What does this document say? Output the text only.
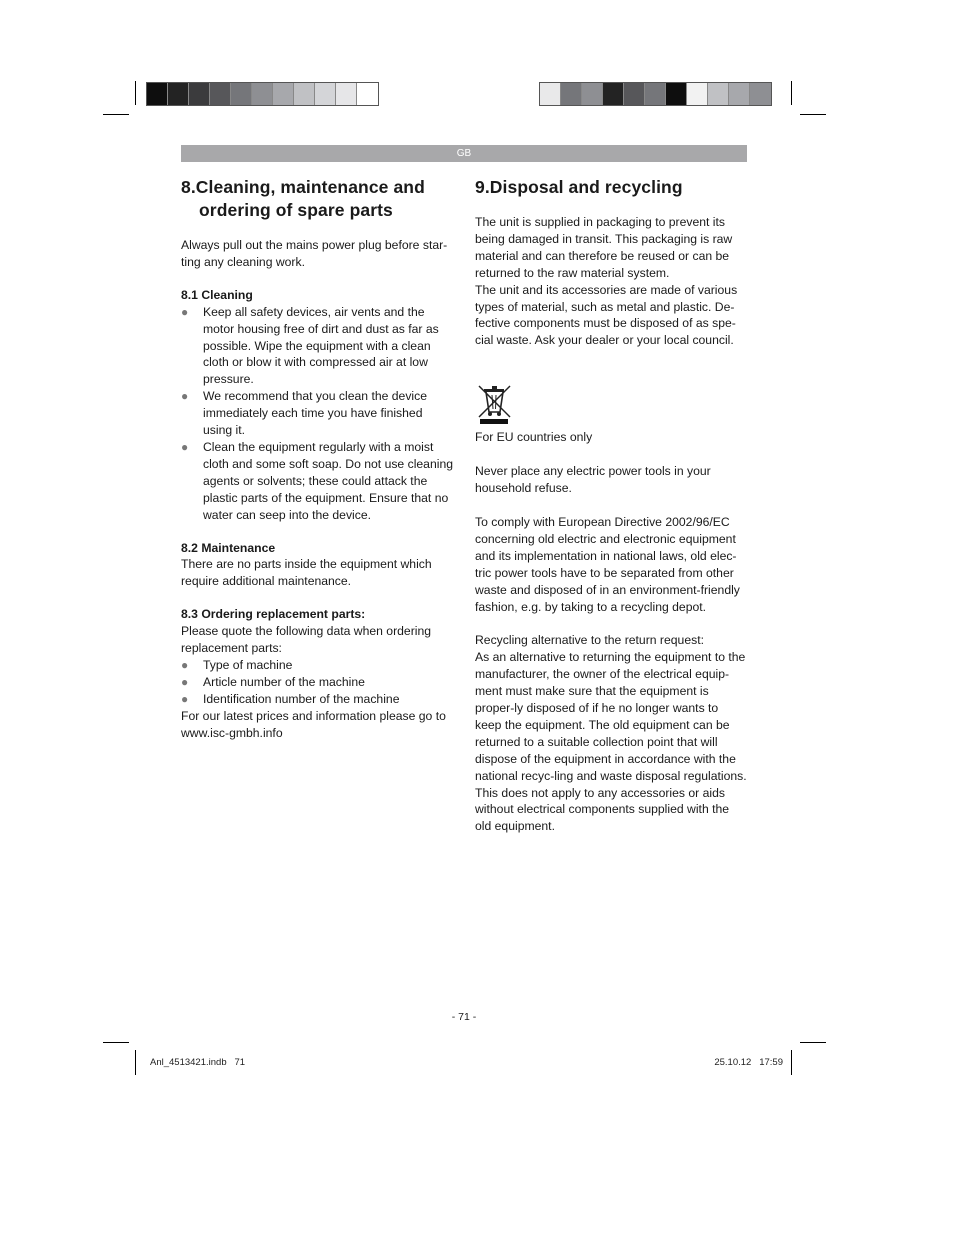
GB
8.Cleaning, maintenance and ordering of spare parts

Always pull out the mains power plug before star-ting any cleaning work.

8.1 Cleaning
● Keep all safety devices, air vents and the motor housing free of dirt and dust as far as possible. Wipe the equipment with a clean cloth or blow it with compressed air at low pressure.
● We recommend that you clean the device immediately each time you have finished using it.
● Clean the equipment regularly with a moist cloth and some soft soap. Do not use cleaning agents or solvents; these could attack the plastic parts of the equipment. Ensure that no water can seep into the device.
8.2 Maintenance

There are no parts inside the equipment which require additional maintenance.

8.3 Ordering replacement parts:

Please quote the following data when ordering replacement parts:

● Type of machine
● Article number of the machine
● Identification number of the machine

For our latest prices and information please go to www.isc-gmbh.info

9.Disposal and recycling

The unit is supplied in packaging to prevent its being damaged in transit. This packaging is raw material and can therefore be reused or can be returned to the raw material system.

The unit and its accessories are made of various types of material, such as metal and plastic. De-fective components must be disposed of as spe-cial waste. Ask your dealer or your local council.

For EU countries only

Never place any electric power tools in your household refuse.

To comply with European Directive 2002/96/EC concerning old electric and electronic equipment and its implementation in national laws, old elec-tric power tools have to be separated from other waste and disposed of in an environment-friendly fashion, e.g. by taking to a recycling depot.

Recycling alternative to the return request:

As an alternative to returning the equipment to the manufacturer, the owner of the electrical equip-ment must make sure that the equipment is proper-ly disposed of if he no longer wants to keep the equipment. The old equipment can be returned to a suitable collection point that will dispose of the equipment in accordance with the national recyc-ling and waste disposal regulations. This does not apply to any accessories or aids without electrical components supplied with the old equipment.

- 71 -
Anl_4513421.indb   71	25.10.12   17:59
